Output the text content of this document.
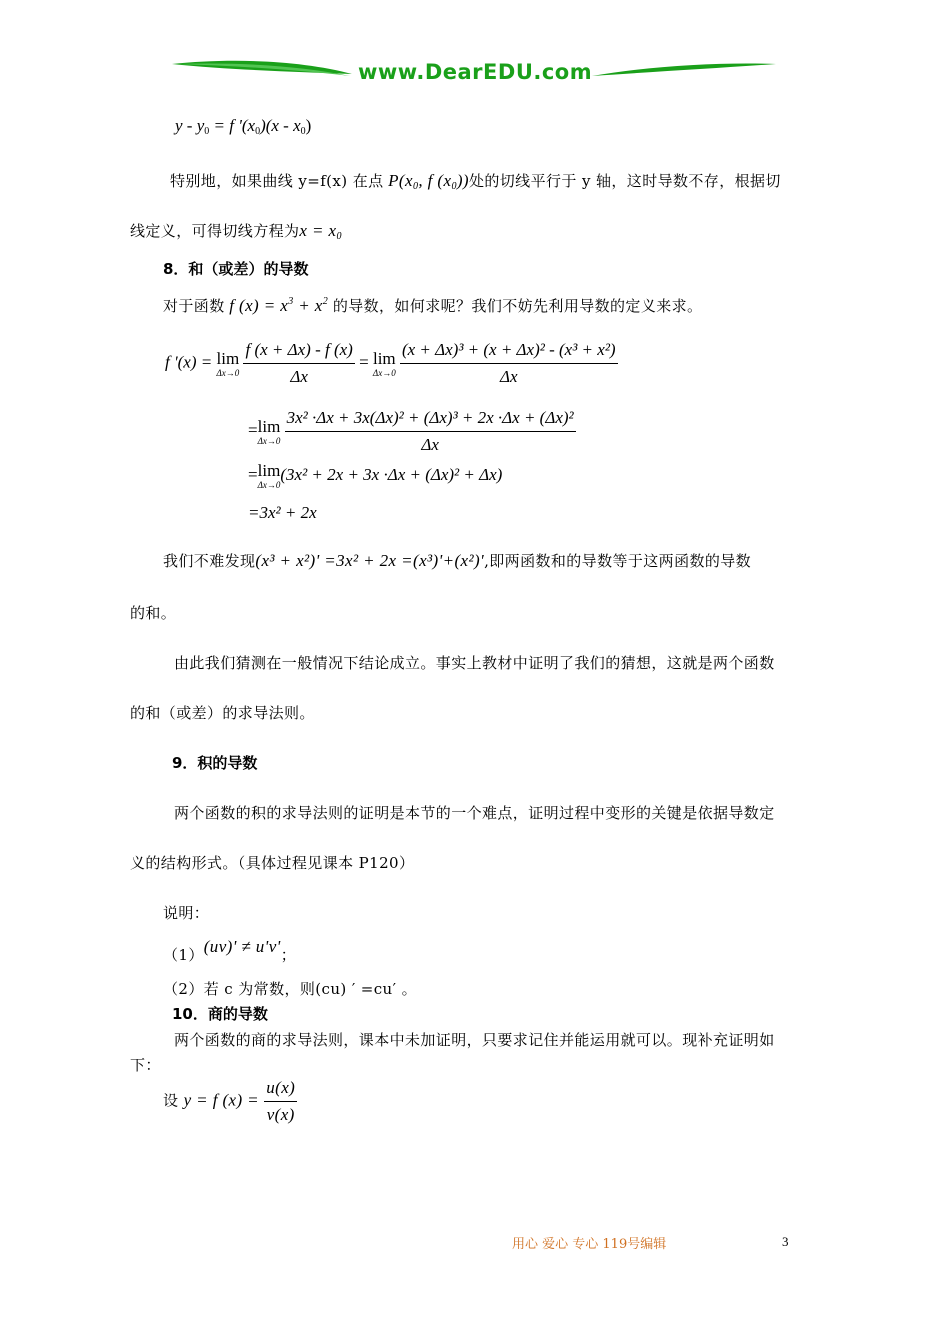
www.DearEDU.com
$y - y_0 = f$ '$(x_0)(x - x_0)$
特别地，如果曲线 y=f(x) 在点 $P(x_0$, f $(x_0)$)处的切线平行于 y 轴，这时导数不存，根据切
线定义，可得切线方程为$x = x_0$
8．和（或差）的导数
对于函数 f $(x) = x^3 + x^2$ 的导数，如何求呢？我们不妨先利用导数的定义来求。
f '(x) = lim
Δx→0
$\frac{f (x + \Delta x) - f (x)}{\Delta x} = \lim$
Δx→0
$\frac{\text{(x + Δx)³ + (x + Δx)² - (x³ + x²)}}{\Delta x}$
= lim
Δx→0
$\frac{\text{3x² ·Δx + 3x(Δx)² + (Δx)³ + 2x ·Δx + (Δx)²}}{\Delta x}$
= lim
Δx→0
(3x² + 2x + 3x ·Δx + (Δx)² + Δx)
=3x² + 2x
我们不难发现(x³ + x²)' =3x² + 2x =(x³)'+(x²)',即两函数和的导数等于这两函数的导数
的和。
由此我们猜测在一般情况下结论成立。事实上教材中证明了我们的猜想，这就是两个函数
的和（或差）的求导法则。
9．积的导数
两个函数的积的求导法则的证明是本节的一个难点，证明过程中变形的关键是依据导数定
义的结构形式。（具体过程见课本 P120）
说明：
（1）(uv)' ≠ u'v'；
（2）若 c 为常数，则(cu) ′ =cu′ 。
10．商的导数
两个函数的商的求导法则，课本中未加证明，只要求记住并能运用就可以。现补充证明如
下：
设 y = f $(x) = \frac{u(x)}{v(x)}$
用心 爱心 专心 119号编辑	3
